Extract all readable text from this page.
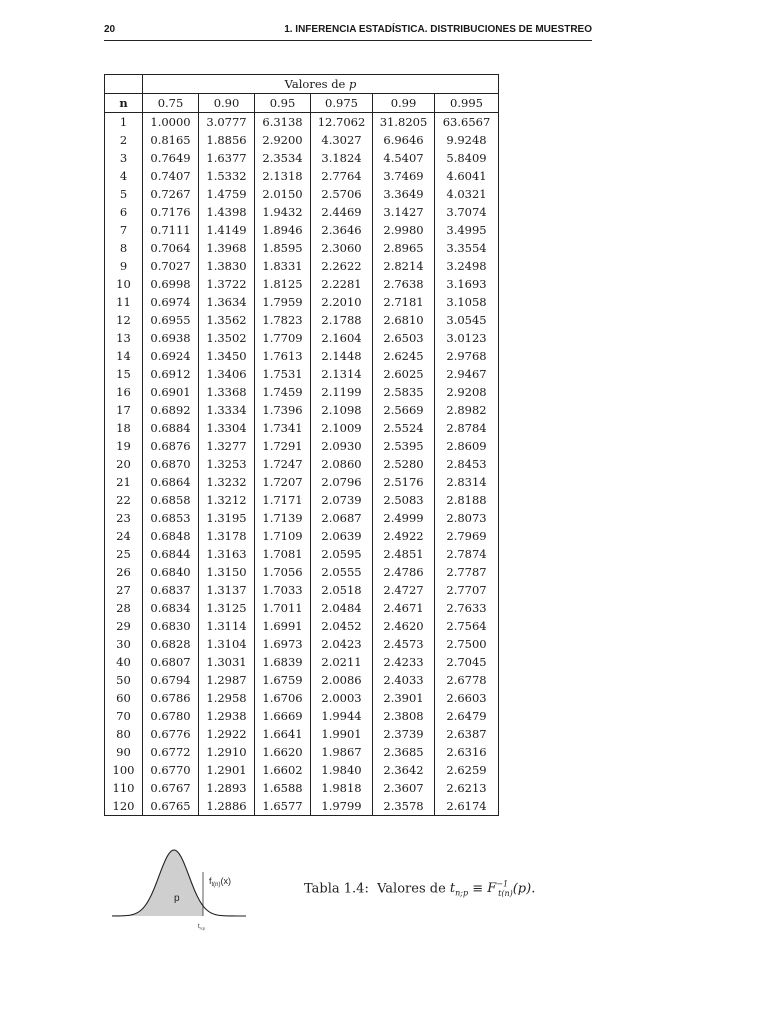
20	1. INFERENCIA ESTADÍSTICA. DISTRIBUCIONES DE MUESTREO
	Valores de p					
n	0.75	0.90	0.95	0.975	0.99	0.995
1	1.0000	3.0777	6.3138	12.7062	31.8205	63.6567
2	0.8165	1.8856	2.9200	4.3027	6.9646	9.9248
3	0.7649	1.6377	2.3534	3.1824	4.5407	5.8409
4	0.7407	1.5332	2.1318	2.7764	3.7469	4.6041
5	0.7267	1.4759	2.0150	2.5706	3.3649	4.0321
6	0.7176	1.4398	1.9432	2.4469	3.1427	3.7074
7	0.7111	1.4149	1.8946	2.3646	2.9980	3.4995
8	0.7064	1.3968	1.8595	2.3060	2.8965	3.3554
9	0.7027	1.3830	1.8331	2.2622	2.8214	3.2498
10	0.6998	1.3722	1.8125	2.2281	2.7638	3.1693
11	0.6974	1.3634	1.7959	2.2010	2.7181	3.1058
12	0.6955	1.3562	1.7823	2.1788	2.6810	3.0545
13	0.6938	1.3502	1.7709	2.1604	2.6503	3.0123
14	0.6924	1.3450	1.7613	2.1448	2.6245	2.9768
15	0.6912	1.3406	1.7531	2.1314	2.6025	2.9467
16	0.6901	1.3368	1.7459	2.1199	2.5835	2.9208
17	0.6892	1.3334	1.7396	2.1098	2.5669	2.8982
18	0.6884	1.3304	1.7341	2.1009	2.5524	2.8784
19	0.6876	1.3277	1.7291	2.0930	2.5395	2.8609
20	0.6870	1.3253	1.7247	2.0860	2.5280	2.8453
21	0.6864	1.3232	1.7207	2.0796	2.5176	2.8314
22	0.6858	1.3212	1.7171	2.0739	2.5083	2.8188
23	0.6853	1.3195	1.7139	2.0687	2.4999	2.8073
24	0.6848	1.3178	1.7109	2.0639	2.4922	2.7969
25	0.6844	1.3163	1.7081	2.0595	2.4851	2.7874
26	0.6840	1.3150	1.7056	2.0555	2.4786	2.7787
27	0.6837	1.3137	1.7033	2.0518	2.4727	2.7707
28	0.6834	1.3125	1.7011	2.0484	2.4671	2.7633
29	0.6830	1.3114	1.6991	2.0452	2.4620	2.7564
30	0.6828	1.3104	1.6973	2.0423	2.4573	2.7500
40	0.6807	1.3031	1.6839	2.0211	2.4233	2.7045
50	0.6794	1.2987	1.6759	2.0086	2.4033	2.6778
60	0.6786	1.2958	1.6706	2.0003	2.3901	2.6603
70	0.6780	1.2938	1.6669	1.9944	2.3808	2.6479
80	0.6776	1.2922	1.6641	1.9901	2.3739	2.6387
90	0.6772	1.2910	1.6620	1.9867	2.3685	2.6316
100	0.6770	1.2901	1.6602	1.9840	2.3642	2.6259
110	0.6767	1.2893	1.6588	1.9818	2.3607	2.6213
120	0.6765	1.2886	1.6577	1.9799	2.3578	2.6174
p
$f_{t(n)}(x)$
$t_{n;p}$
Tabla 1.4: Valores de $t_{n;p} \equiv F^{-1}_{t(n)}(p)$.
